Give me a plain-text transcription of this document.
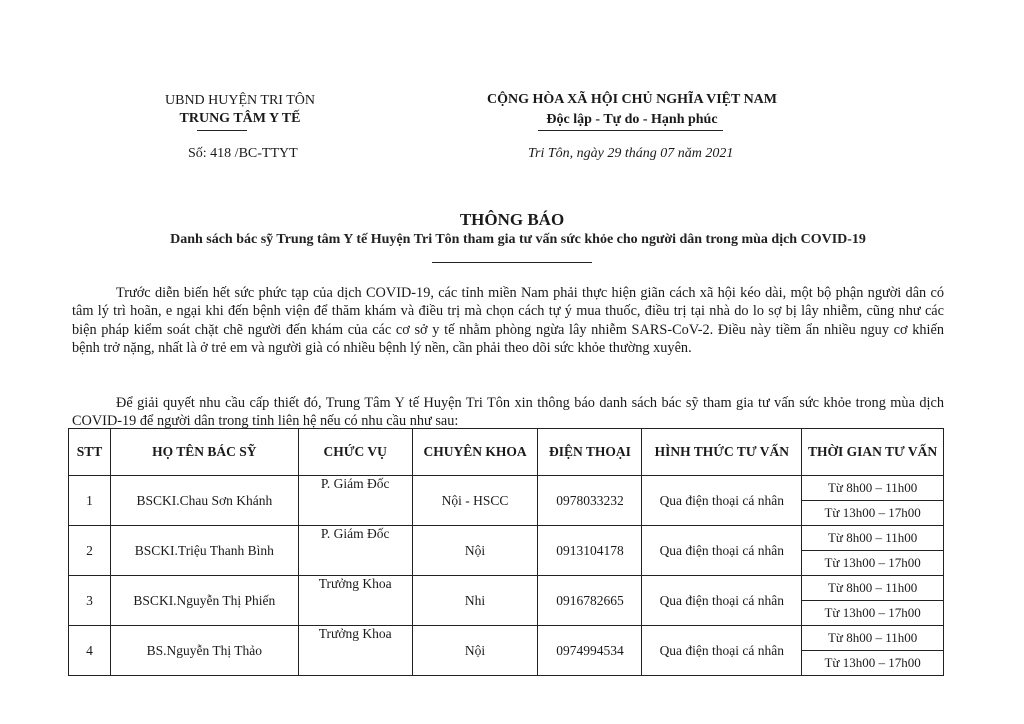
UBND HUYỆN TRI TÔN
TRUNG TÂM Y TẾ
CỘNG HÒA XÃ HỘI CHỦ NGHĨA VIỆT NAM
Độc lập - Tự do - Hạnh phúc
Số: 418 /BC-TTYT	Tri Tôn, ngày 29 tháng 07 năm 2021
THÔNG BÁO
Danh sách bác sỹ Trung tâm Y tế Huyện Tri Tôn tham gia tư vấn sức khỏe cho người dân trong mùa dịch COVID-19

Trước diễn biến hết sức phức tạp của dịch COVID-19, các tỉnh miền Nam phải thực hiện giãn cách xã hội kéo dài, một bộ phận người dân có tâm lý trì hoãn, e ngại khi đến bệnh viện để thăm khám và điều trị mà chọn cách tự ý mua thuốc, điều trị tại nhà do lo sợ bị lây nhiễm, cũng như các biện pháp kiểm soát chặt chẽ người đến khám của các cơ sở y tế nhằm phòng ngừa lây nhiễm SARS-CoV-2. Điều này tiềm ẩn nhiều nguy cơ khiến bệnh trở nặng, nhất là ở trẻ em và người già có nhiều bệnh lý nền, cần phải theo dõi sức khỏe thường xuyên.

Để giải quyết nhu cầu cấp thiết đó, Trung Tâm Y tế Huyện Tri Tôn xin thông báo danh sách bác sỹ tham gia tư vấn sức khỏe trong mùa dịch COVID-19 để người dân trong tỉnh liên hệ nếu có nhu cầu như sau:

STT	HỌ TÊN BÁC SỸ	CHỨC VỤ	CHUYÊN KHOA	ĐIỆN THOẠI	HÌNH THỨC TƯ VẤN	THỜI GIAN TƯ VẤN
1	BSCKI.Chau Sơn Khánh	P. Giám Đốc	Nội - HSCC	0978033232	Qua điện thoại cá nhân	Từ 8h00 – 11h00
						Từ 13h00 – 17h00
2	BSCKI.Triệu Thanh Bình	P. Giám Đốc	Nội	0913104178	Qua điện thoại cá nhân	Từ 8h00 – 11h00
						Từ 13h00 – 17h00
3	BSCKI.Nguyễn Thị Phiến	Trưởng Khoa	Nhi	0916782665	Qua điện thoại cá nhân	Từ 8h00 – 11h00
						Từ 13h00 – 17h00
4	BS.Nguyễn Thị Thảo	Trưởng Khoa	Nội	0974994534	Qua điện thoại cá nhân	Từ 8h00 – 11h00
						Từ 13h00 – 17h00
